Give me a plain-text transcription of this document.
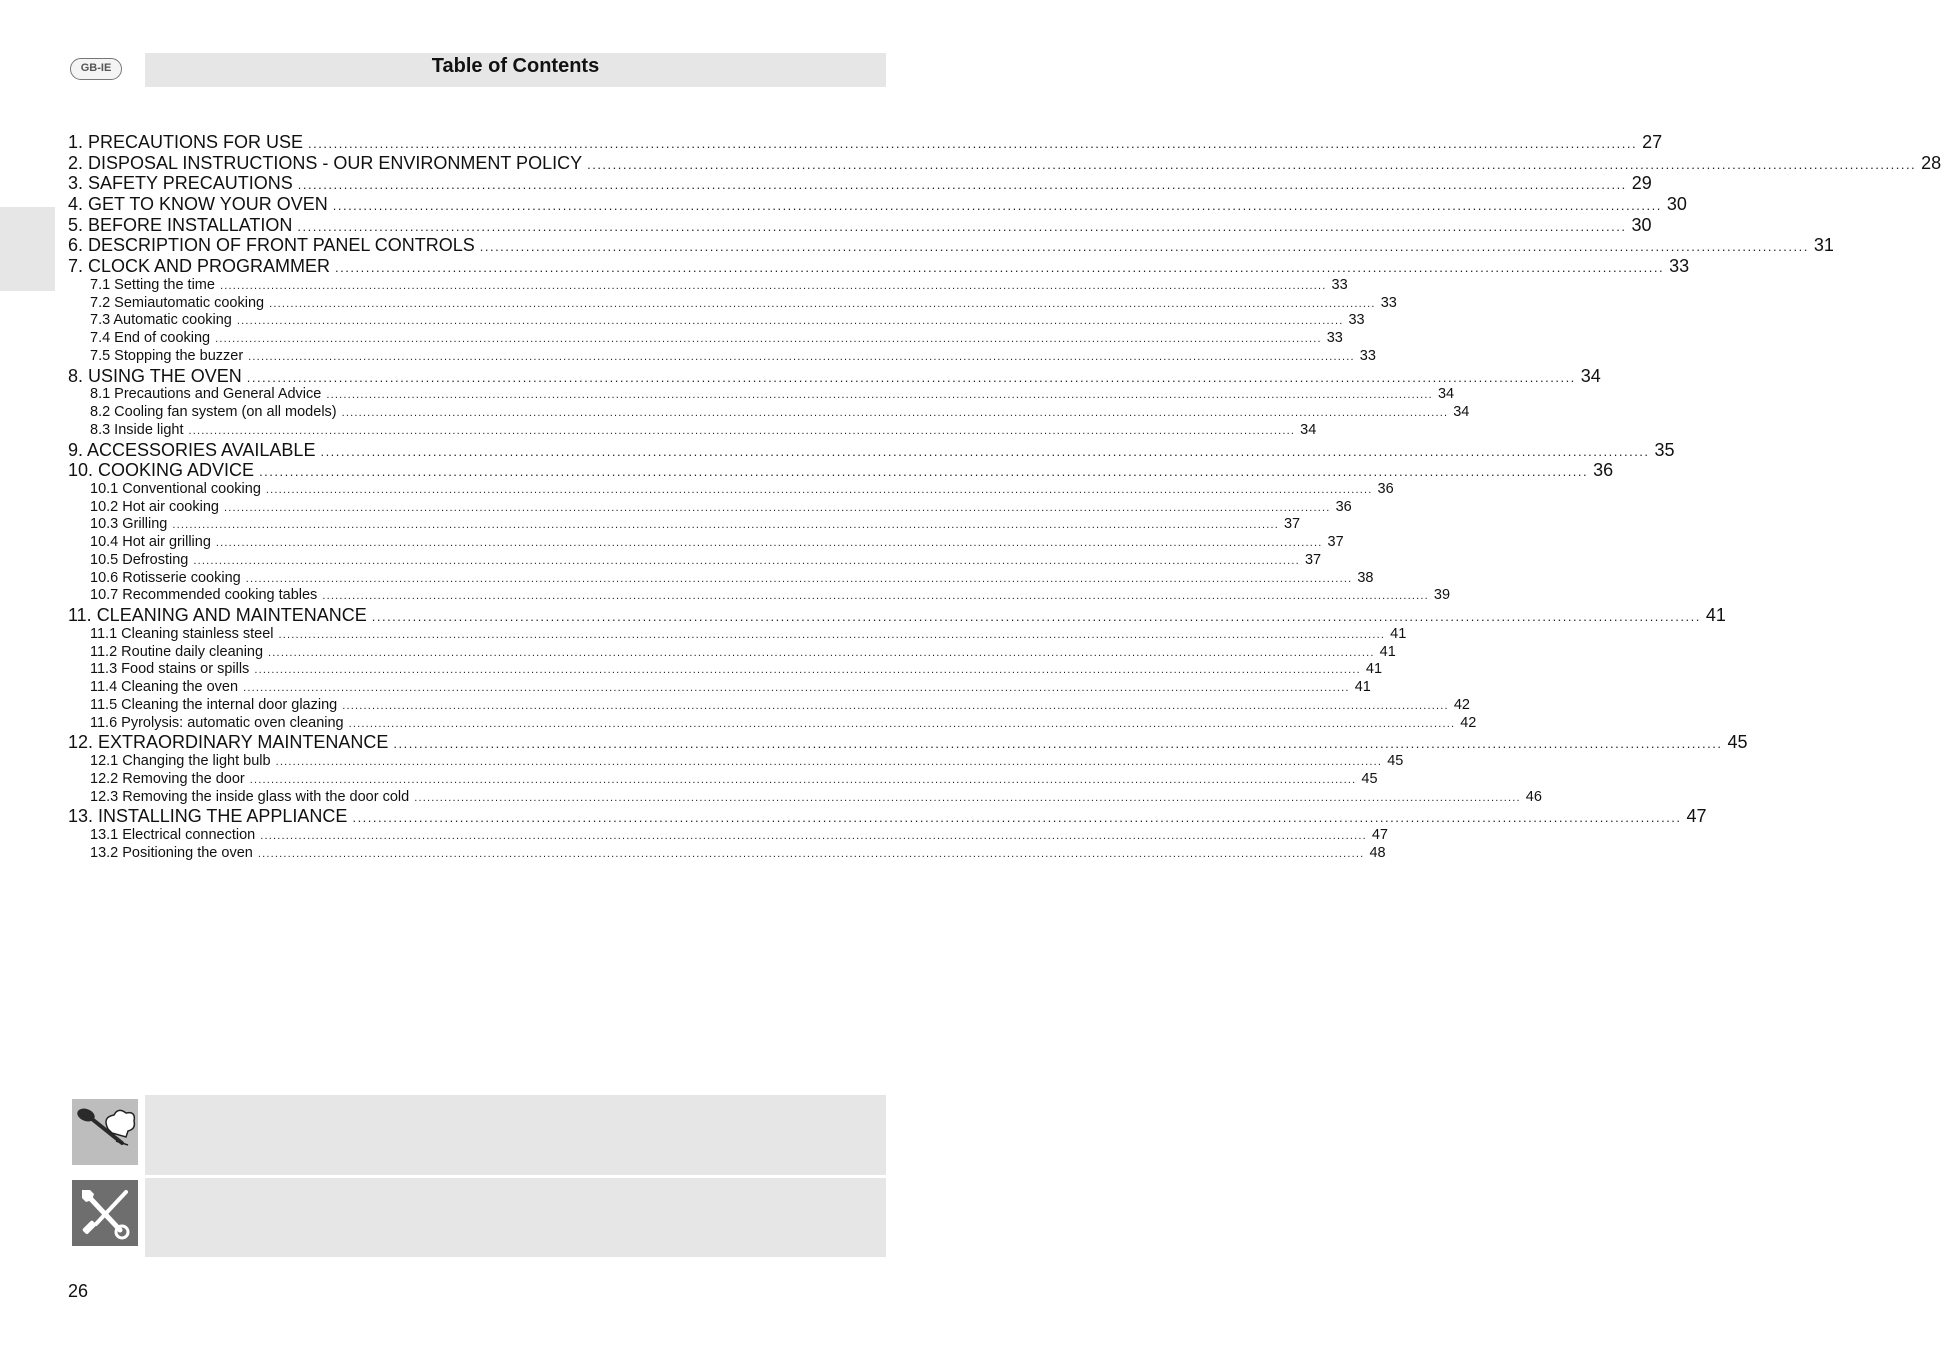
GB-IE	Table of Contents
1. PRECAUTIONS FOR USE .................................................................................................................................................................................................................................................................... 27
2. DISPOSAL INSTRUCTIONS - OUR ENVIRONMENT POLICY .................................................................................................................................................................................................................................................................... 28
3. SAFETY PRECAUTIONS .................................................................................................................................................................................................................................................................... 29
4. GET TO KNOW YOUR OVEN .................................................................................................................................................................................................................................................................... 30
5. BEFORE INSTALLATION .................................................................................................................................................................................................................................................................... 30
6. DESCRIPTION OF FRONT PANEL CONTROLS .................................................................................................................................................................................................................................................................... 31
7. CLOCK AND PROGRAMMER .................................................................................................................................................................................................................................................................... 33
7.1 Setting the time .................................................................................................................................................................................................................................................................... 33
7.2 Semiautomatic cooking .................................................................................................................................................................................................................................................................... 33
7.3 Automatic cooking .................................................................................................................................................................................................................................................................... 33
7.4 End of cooking .................................................................................................................................................................................................................................................................... 33
7.5 Stopping the buzzer .................................................................................................................................................................................................................................................................... 33
8. USING THE OVEN .................................................................................................................................................................................................................................................................... 34
8.1 Precautions and General Advice .................................................................................................................................................................................................................................................................... 34
8.2 Cooling fan system (on all models) .................................................................................................................................................................................................................................................................... 34
8.3 Inside light .................................................................................................................................................................................................................................................................... 34
9. ACCESSORIES AVAILABLE .................................................................................................................................................................................................................................................................... 35
10. COOKING ADVICE .................................................................................................................................................................................................................................................................... 36
10.1 Conventional cooking .................................................................................................................................................................................................................................................................... 36
10.2 Hot air cooking .................................................................................................................................................................................................................................................................... 36
10.3 Grilling .................................................................................................................................................................................................................................................................... 37
10.4 Hot air grilling .................................................................................................................................................................................................................................................................... 37
10.5 Defrosting .................................................................................................................................................................................................................................................................... 37
10.6 Rotisserie cooking .................................................................................................................................................................................................................................................................... 38
10.7 Recommended cooking tables .................................................................................................................................................................................................................................................................... 39
11. CLEANING AND MAINTENANCE .................................................................................................................................................................................................................................................................... 41
11.1 Cleaning stainless steel .................................................................................................................................................................................................................................................................... 41
11.2 Routine daily cleaning .................................................................................................................................................................................................................................................................... 41
11.3 Food stains or spills .................................................................................................................................................................................................................................................................... 41
11.4 Cleaning the oven .................................................................................................................................................................................................................................................................... 41
11.5 Cleaning the internal door glazing .................................................................................................................................................................................................................................................................... 42
11.6 Pyrolysis: automatic oven cleaning .................................................................................................................................................................................................................................................................... 42
12. EXTRAORDINARY MAINTENANCE .................................................................................................................................................................................................................................................................... 45
12.1 Changing the light bulb .................................................................................................................................................................................................................................................................... 45
12.2 Removing the door .................................................................................................................................................................................................................................................................... 45
12.3 Removing the inside glass with the door cold .................................................................................................................................................................................................................................................................... 46
13. INSTALLING THE APPLIANCE .................................................................................................................................................................................................................................................................... 47
13.1 Electrical connection .................................................................................................................................................................................................................................................................... 47
13.2 Positioning the oven .................................................................................................................................................................................................................................................................... 48
26
